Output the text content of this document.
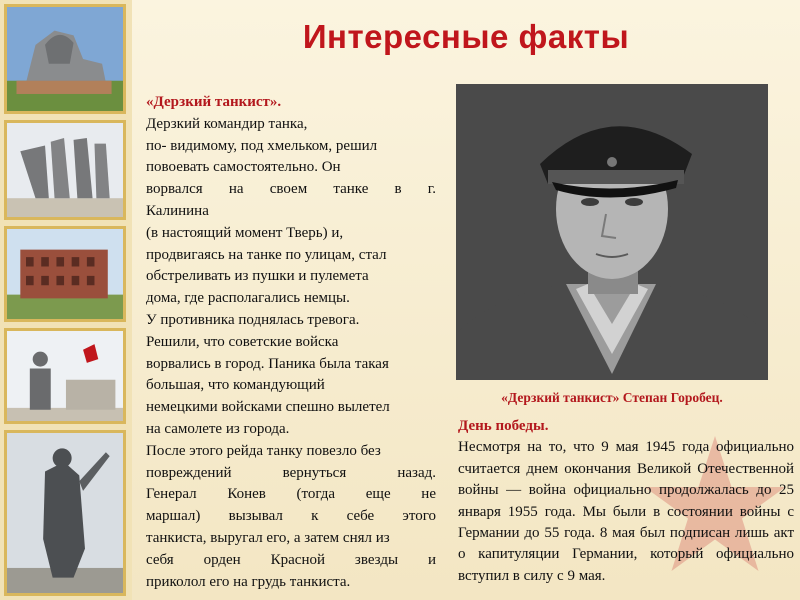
Интересные факты
«Дерзкий танкист».

Дерзкий командир танка,

по- видимому, под хмельком, решил

повоевать самостоятельно. Он

ворвался на своем танке в г.

Калинина

(в настоящий момент Тверь) и,

продвигаясь на танке по улицам, стал

обстреливать из пушки и пулемета

дома, где располагались немцы.

У противника поднялась тревога.

Решили, что советские войска

ворвались в город. Паника была такая

большая, что командующий

немецкими войсками спешно вылетел

на самолете из города.

После этого рейда танку повезло без

повреждений вернуться назад.

Генерал Конев (тогда еще не

маршал) вызывал к себе этого

танкиста, выругал его, а затем снял из

себя орден Красной звезды и

приколол его на грудь танкиста.

«Дерзкий танкист» Степан Горобец.
День победы.

Несмотря на то, что 9 мая 1945 года официально считается днем окончания Великой Отечественной войны — война официально продолжалась до 25 января 1955 года. Мы были в состоянии войны с Германии до 55 года. 8 мая был подписан лишь акт о капитуляции Германии, который официально вступил в силу с 9 мая.
